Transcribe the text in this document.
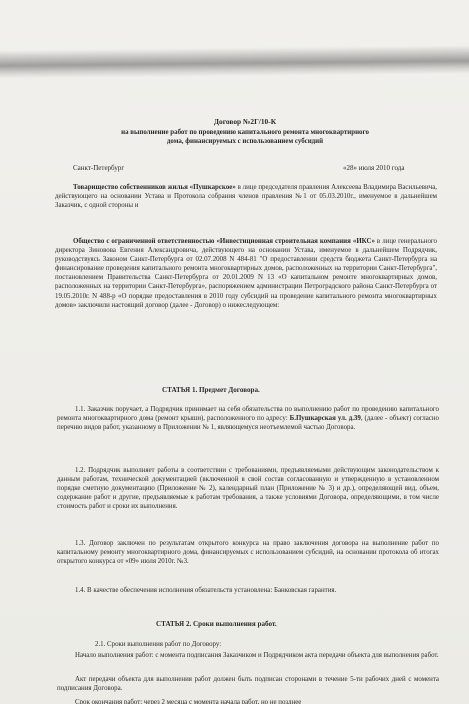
Договор №2Г/10-К
на выполнение работ по проведению капитального ремонта многоквартирного
дома, финансируемых с использованием субсидий
Санкт-Петербург	«28» июля 2010 года
Товарищество собственников жилья «Пушкарское» в лице председателя правления Алексеева Владимира Васильевича, действующего на основании Устава и Протокола собрания членов правления №1 от 05.03.2010г., именуемое в дальнейшем Заказчик, с одной стороны и
Общество с ограниченной ответственностью «Инвестиционная строительная компания «ИКС» в лице генерального директора Зиновова Евгения Александровича, действующего на основании Устава, именуемое в дальнейшем Подрядчик, руководствуясь Законом Санкт-Петербурга от 02.07.2008 N 484-81 "О предоставлении средств бюджета Санкт-Петербурга на финансирование проведения капитального ремонта многоквартирных домов, расположенных на территории Санкт-Петербурга", постановлением Правительства Санкт-Петербурга от 20.01.2009 N 13 «О капитальном ремонте многоквартирных домов, расположенных на территории Санкт-Петербурга», распоряжением администрации Петроградского района Санкт-Петербурга от 19.05.2010г. N 488-р «О порядке предоставления в 2010 году субсидий на проведение капитального ремонта многоквартирных домов» заключили настоящий договор (далее - Договор) о нижеследующем:
СТАТЬЯ 1. Предмет Договора.
1.1. Заказчик поручает, а Подрядчик принимает на себя обязательства по выполнению работ по проведению капитального ремонта многоквартирного дома (ремонт крыши), расположенного по адресу: Б.Пушкарская ул. д.39, (далее - объект) согласно перечню видов работ, указанному в Приложении № 1, являющемуся неотъемлемой частью Договора.
1.2. Подрядчик выполняет работы в соответствии с требованиями, предъявляемыми действующим законодательством к данным работам, технической документацией (включенной в свой состав согласованную и утвержденную в установленном порядке сметную документацию (Приложение № 2), календарный план (Приложение № 3) и др.), определяющей вид, объем, содержание работ и другие, предъявляемые к работам требования, а также условиями Договора, определяющими, в том числе стоимость работ и сроки их выполнения.
1.3. Договор заключен по результатам открытого конкурса на право заключения договора на выполнение работ по капитальному ремонту многоквартирного дома, финансируемых с использованием субсидий, на основании протокола об итогах открытого конкурса от «09» июля 2010г. №3.
1.4. В качестве обеспечения исполнения обязательств установлена: Банковская гарантия.
СТАТЬЯ 2. Сроки выполнения работ.
2.1. Сроки выполнения работ по Договору:
Начало выполнения работ: с момента подписания Заказчиком и Подрядчиком акта передачи объекта для выполнения работ.
Акт передачи объекта для выполнения работ должен быть подписан сторонами в течение 5-ти рабочих дней с момента подписания Договора.
Срок окончания работ: через 2 месяца с момента начала работ, но не позднее
